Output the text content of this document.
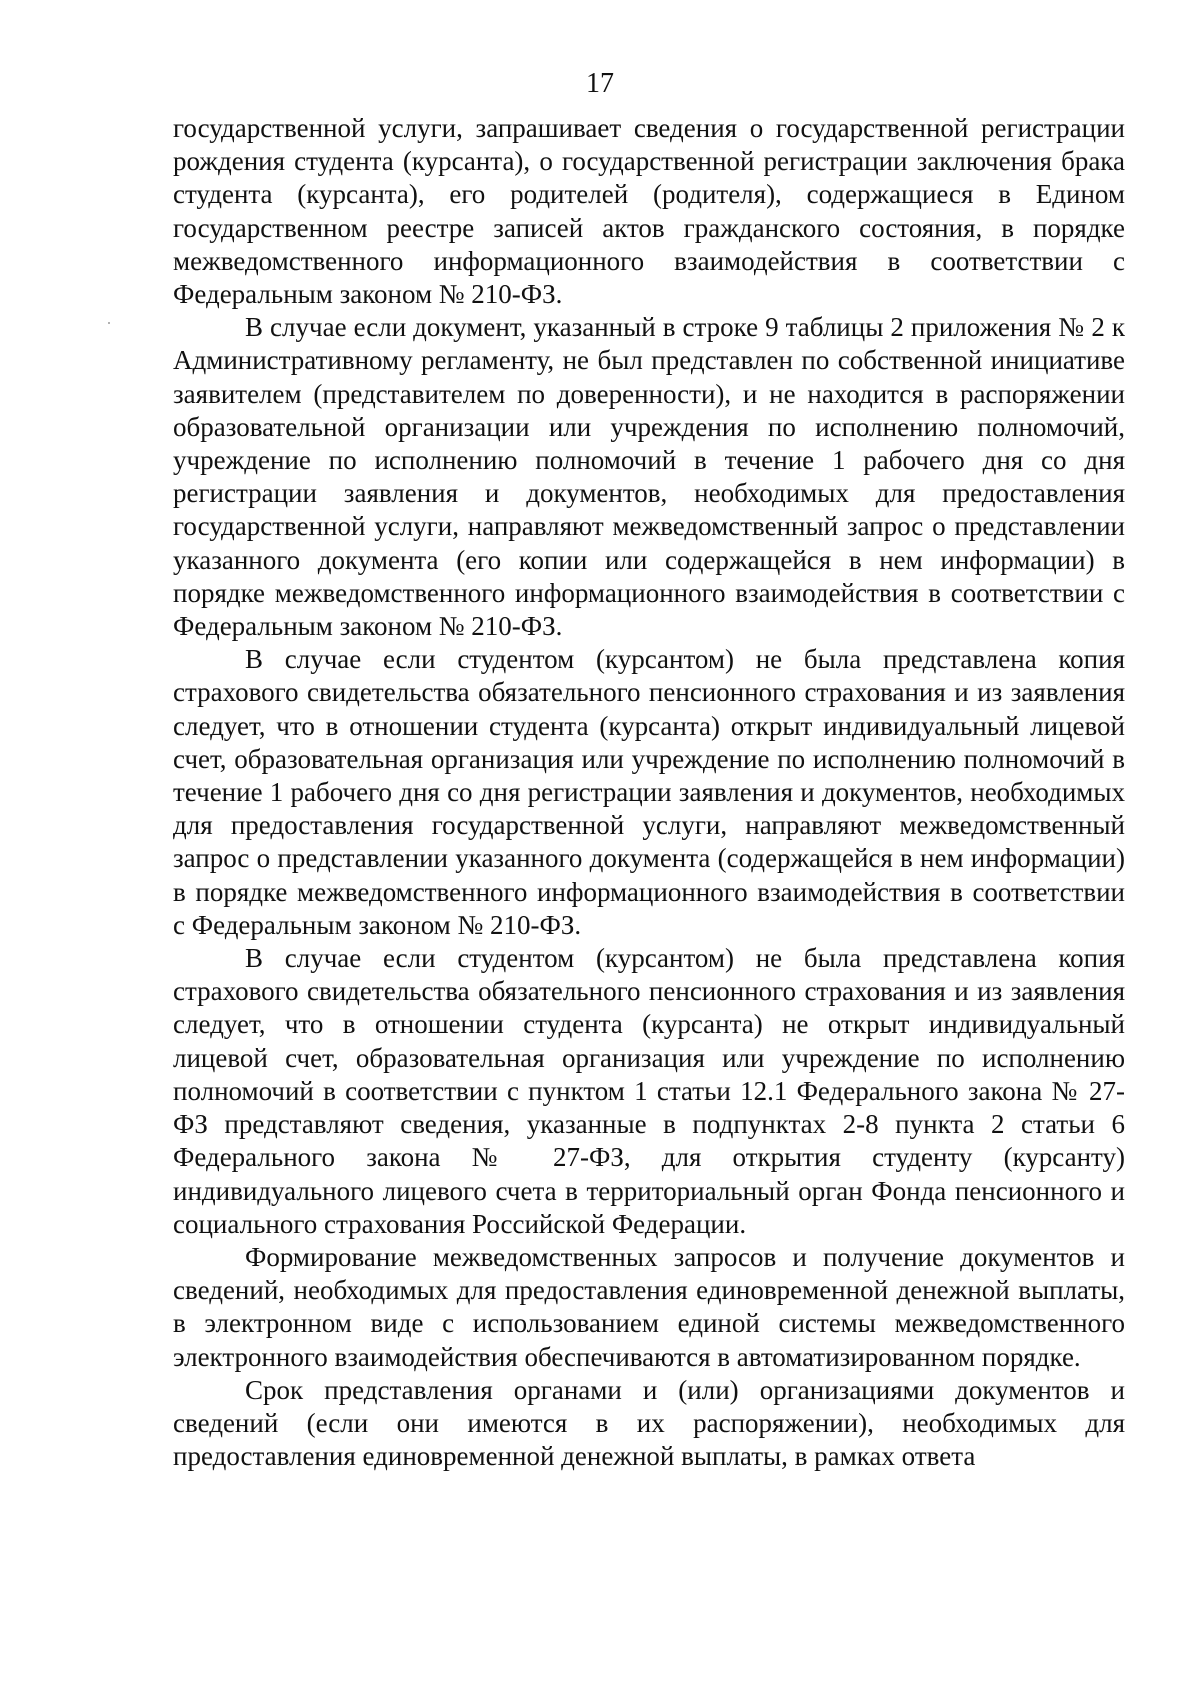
17

государственной услуги, запрашивает сведения о государственной регистрации рождения студента (курсанта), о государственной регистрации заключения брака студента (курсанта), его родителей (родителя), содержащиеся в Едином государственном реестре записей актов гражданского состояния, в порядке межведомственного информационного взаимодействия в соответствии с Федеральным законом № 210-ФЗ.

В случае если документ, указанный в строке 9 таблицы 2 приложения № 2 к Административному регламенту, не был представлен по собственной инициативе заявителем (представителем по доверенности), и не находится в распоряжении образовательной организации или учреждения по исполнению полномочий, учреждение по исполнению полномочий в течение 1 рабочего дня со дня регистрации заявления и документов, необходимых для предоставления государственной услуги, направляют межведомственный запрос о представлении указанного документа (его копии или содержащейся в нем информации) в порядке межведомственного информационного взаимодействия в соответствии с Федеральным законом № 210-ФЗ.

В случае если студентом (курсантом) не была представлена копия страхового свидетельства обязательного пенсионного страхования и из заявления следует, что в отношении студента (курсанта) открыт индивидуальный лицевой счет, образовательная организация или учреждение по исполнению полномочий в течение 1 рабочего дня со дня регистрации заявления и документов, необходимых для предоставления государственной услуги, направляют межведомственный запрос о представлении указанного документа (содержащейся в нем информации) в порядке межведомственного информационного взаимодействия в соответствии с Федеральным законом № 210-ФЗ.

В случае если студентом (курсантом) не была представлена копия страхового свидетельства обязательного пенсионного страхования и из заявления следует, что в отношении студента (курсанта) не открыт индивидуальный лицевой счет, образовательная организация или учреждение по исполнению полномочий в соответствии с пунктом 1 статьи 12.1 Федерального закона № 27-ФЗ представляют сведения, указанные в подпунктах 2-8 пункта 2 статьи 6 Федерального закона № 27-ФЗ, для открытия студенту (курсанту) индивидуального лицевого счета в территориальный орган Фонда пенсионного и социального страхования Российской Федерации.

Формирование межведомственных запросов и получение документов и сведений, необходимых для предоставления единовременной денежной выплаты, в электронном виде с использованием единой системы межведомственного электронного взаимодействия обеспечиваются в автоматизированном порядке.

Срок представления органами и (или) организациями документов и сведений (если они имеются в их распоряжении), необходимых для предоставления единовременной денежной выплаты, в рамках ответа
